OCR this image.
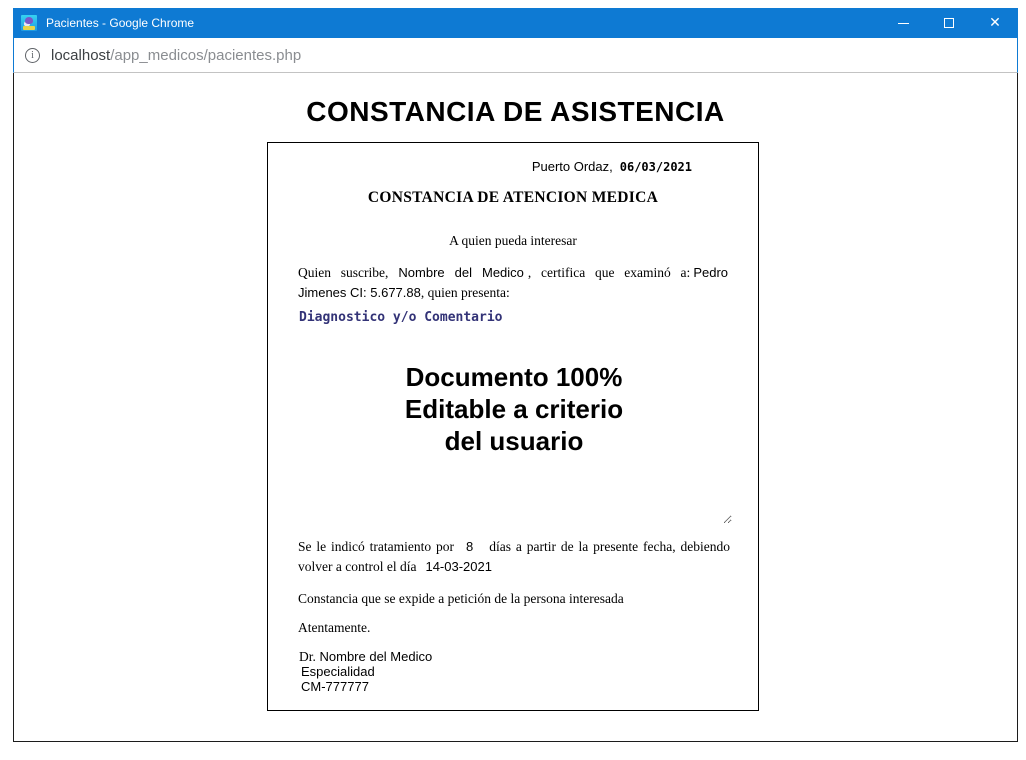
Pacientes - Google Chrome	✕
i	localhost/app_medicos/pacientes.php
CONSTANCIA DE ASISTENCIA
Puerto Ordaz, 06/03/2021
CONSTANCIA DE ATENCION MEDICA
A quien pueda interesar

Quien suscribe, Nombre del Medico , certifica que examinó a: Pedro Jimenes CI: 5.677.88, quien presenta:

Diagnostico y/o Comentario
Documento 100% Editable a criterio del usuario

Se le indicó tratamiento por 8 días a partir de la presente fecha, debiendo volver a control el día 14-03-2021

Constancia que se expide a petición de la persona interesada

Atentamente.

Dr. Nombre del Medico
Especialidad
CM-777777
